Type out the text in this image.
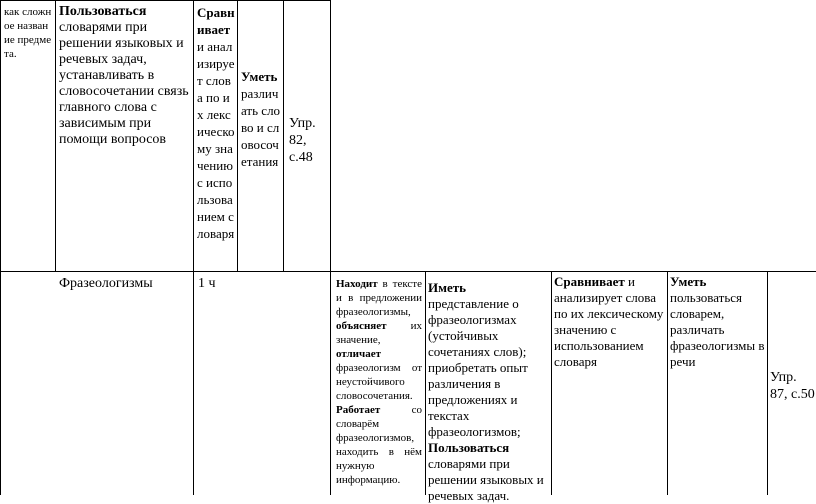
как сложное название предмета.
Пользоваться словарями при решении языковых и речевых задач, устанавливать в словосочетании связь главного слова с зависимым при помощи вопросов
Сравнивает и анализирует слова по их лексическому значению с использованием словаря
Уметь различать слово и словосочетания
Упр. 82, с.48
Фразеологизмы	1 ч	Находит в тексте и в предложении фразеологизмы, объясняет их значение, отличает фразеологизм от неустойчивого словосочетания. Работает со словарём фразеологизмов, находить в нём нужную информацию.
Иметь представление о фразеологизмах (устойчивых сочетаниях слов); приобретать опыт различения в предложениях и текстах фразеологизмов; Пользоваться словарями при решении языковых и речевых задач.
Сравнивает и анализирует слова по их лексическому значению с использованием словаря
Уметь пользоваться словарем, различать фразеологизмы в речи
Упр. 87, с.50
